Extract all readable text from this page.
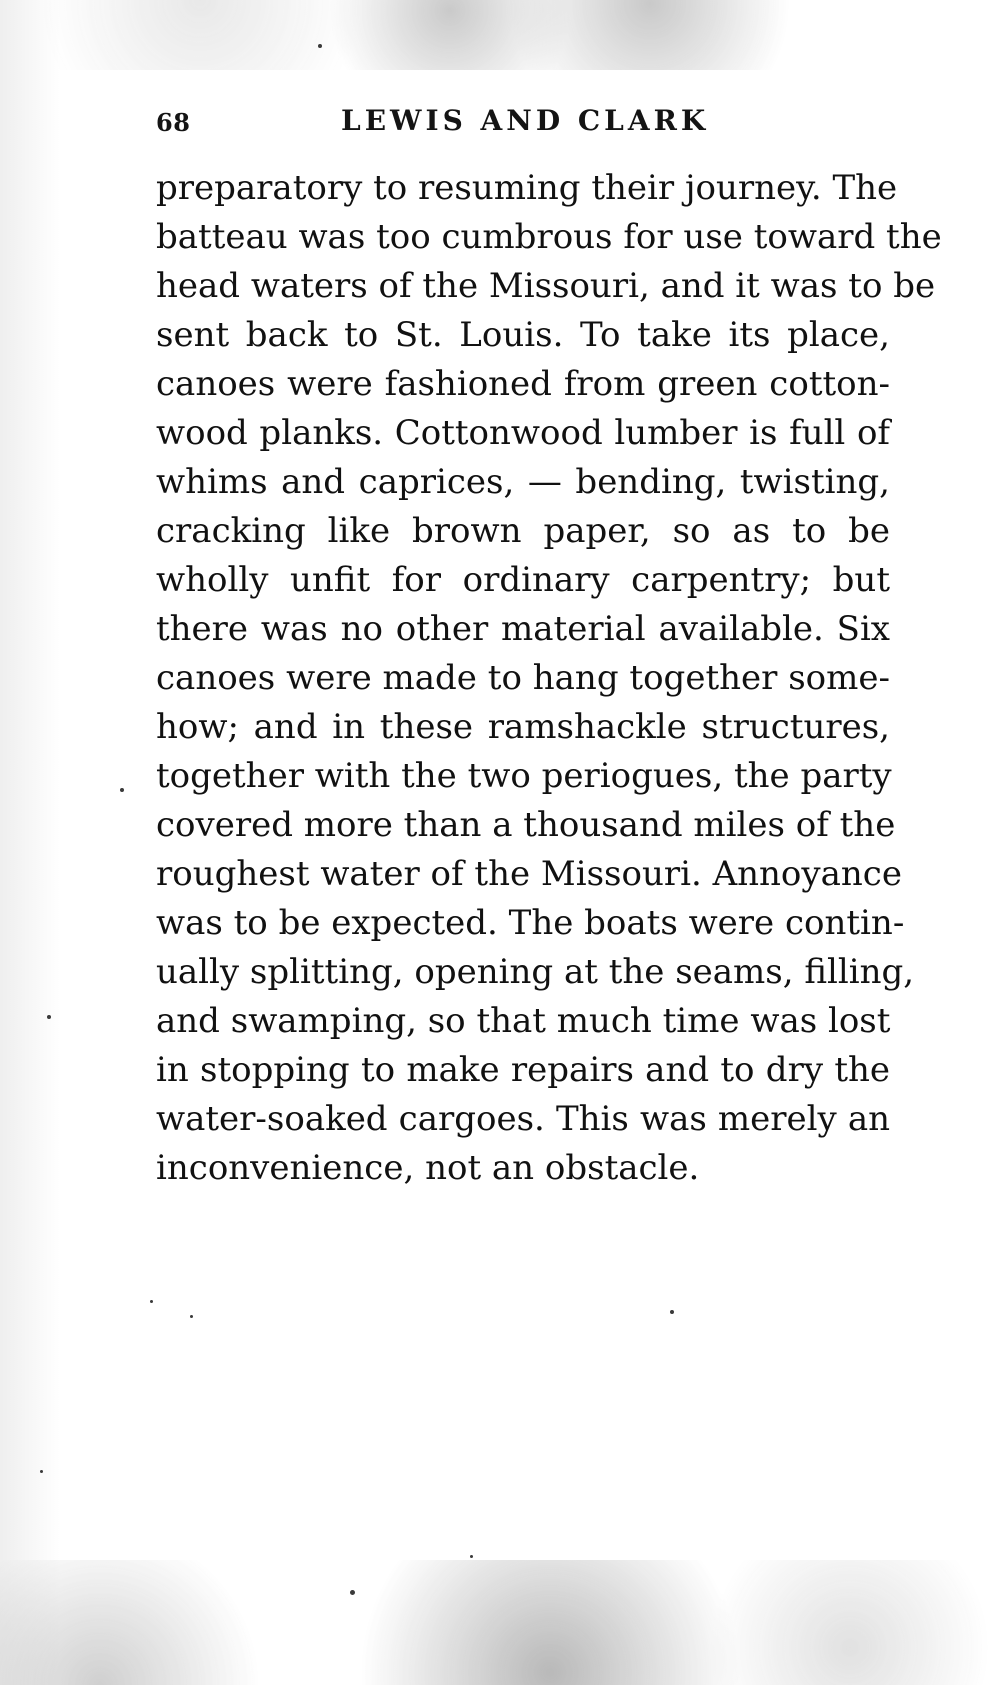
68	LEWIS AND CLARK
preparatory to resuming their journey. The
batteau was too cumbrous for use toward the
head waters of the Missouri, and it was to be
sent back to St. Louis. To take its place,
canoes were fashioned from green cotton-
wood planks. Cottonwood lumber is full of
whims and caprices, — bending, twisting,
cracking like brown paper, so as to be
wholly unfit for ordinary carpentry; but
there was no other material available. Six
canoes were made to hang together some-
how; and in these ramshackle structures,
together with the two periogues, the party
covered more than a thousand miles of the
roughest water of the Missouri. Annoyance
was to be expected. The boats were contin-
ually splitting, opening at the seams, filling,
and swamping, so that much time was lost
in stopping to make repairs and to dry the
water-soaked cargoes. This was merely an
inconvenience, not an obstacle.
